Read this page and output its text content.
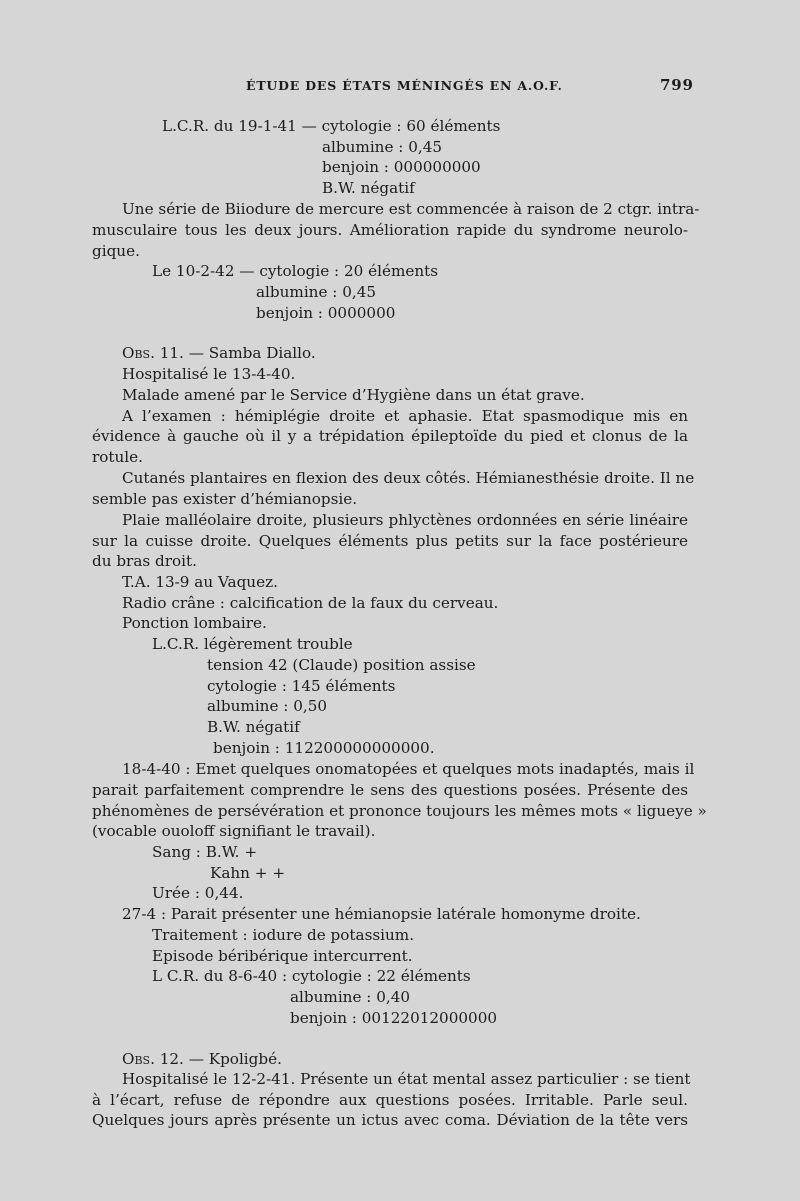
ÉTUDE DES ÉTATS MÉNINGÉS EN A.O.F.	799

L.C.R. du 19-1-41 — cytologie : 60 éléments

albumine : 0,45

benjoin : 000000000

B.W. négatif

Une série de Biiodure de mercure est commencée à raison de 2 ctgr. intra-

musculaire tous les deux jours. Amélioration rapide du syndrome neurolo-

gique.

Le 10-2-42 — cytologie : 20 éléments

albumine : 0,45

benjoin : 0000000

Obs. 11. — Samba Diallo.

Hospitalisé le 13-4-40.

Malade amené par le Service d’Hygiène dans un état grave.

A l’examen : hémiplégie droite et aphasie. Etat spasmodique mis en

évidence à gauche où il y a trépidation épileptoïde du pied et clonus de la

rotule.

Cutanés plantaires en flexion des deux côtés. Hémianesthésie droite. Il ne

semble pas exister d’hémianopsie.

Plaie malléolaire droite, plusieurs phlyctènes ordonnées en série linéaire

sur la cuisse droite. Quelques éléments plus petits sur la face postérieure

du bras droit.

T.A. 13-9 au Vaquez.

Radio crâne : calcification de la faux du cerveau.

Ponction lombaire.

L.C.R. légèrement trouble

tension 42 (Claude) position assise

cytologie : 145 éléments

albumine : 0,50

B.W. négatif

benjoin : 112200000000000.

18-4-40 : Emet quelques onomatopées et quelques mots inadaptés, mais il

parait parfaitement comprendre le sens des questions posées. Présente des

phénomènes de persévération et prononce toujours les mêmes mots « ligueye »

(vocable ouoloff signifiant le travail).

Sang : B.W. +

Kahn + +

Urée : 0,44.

27-4 : Parait présenter une hémianopsie latérale homonyme droite.

Traitement : iodure de potassium.

Episode béribérique intercurrent.

L C.R. du 8-6-40 : cytologie : 22 éléments

albumine : 0,40

benjoin : 00122012000000

Obs. 12. — Kpoligbé.

Hospitalisé le 12-2-41. Présente un état mental assez particulier : se tient

à l’écart, refuse de répondre aux questions posées. Irritable. Parle seul.

Quelques jours après présente un ictus avec coma. Déviation de la tête vers
